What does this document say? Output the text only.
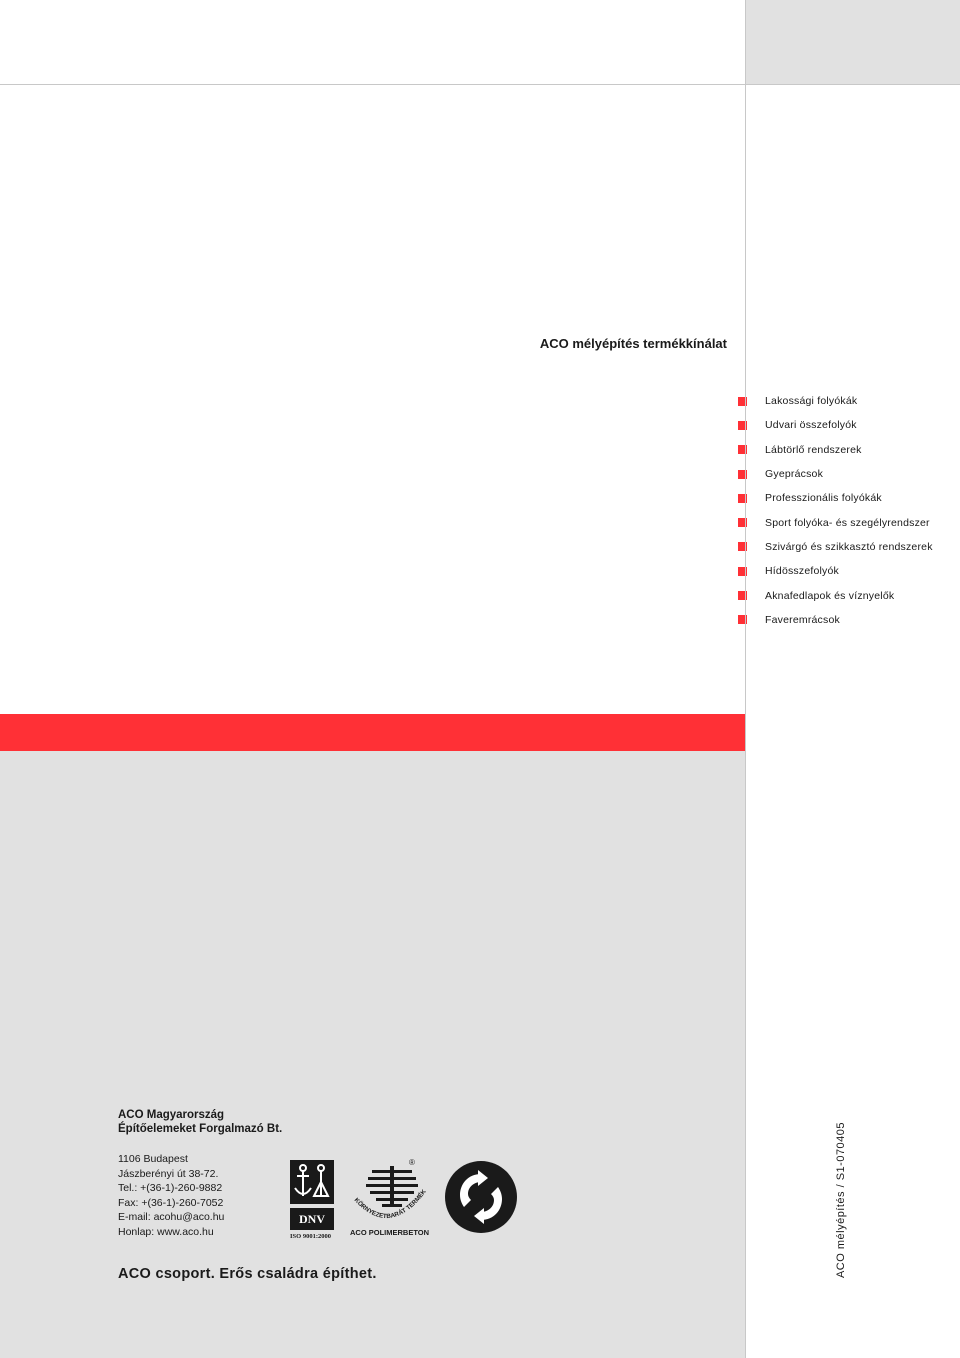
ACO mélyépítés termékkínálat
Lakossági folyókák
Udvari összefolyók
Lábtörlő rendszerek
Gyeprácsok
Professzionális folyókák
Sport folyóka- és szegélyrendszer
Szivárgó és szikkasztó rendszerek
Hídösszefolyók
Aknafedlapok és víznyelők
Faveremrácsok
ACO Magyarország
Építőelemeket Forgalmazó Bt.
1106 Budapest
Jászberényi út 38-72.
Tel.: +(36-1)-260-9882
Fax: +(36-1)-260-7052
E-mail: acohu@aco.hu
Honlap: www.aco.hu
ACO csoport. Erős családra építhet.
DNV
ISO 9001:2000
KÖRNYEZETBARÁT TERMÉK
®
ACO POLIMERBETON	ACO mélyépítés / S1-070405
